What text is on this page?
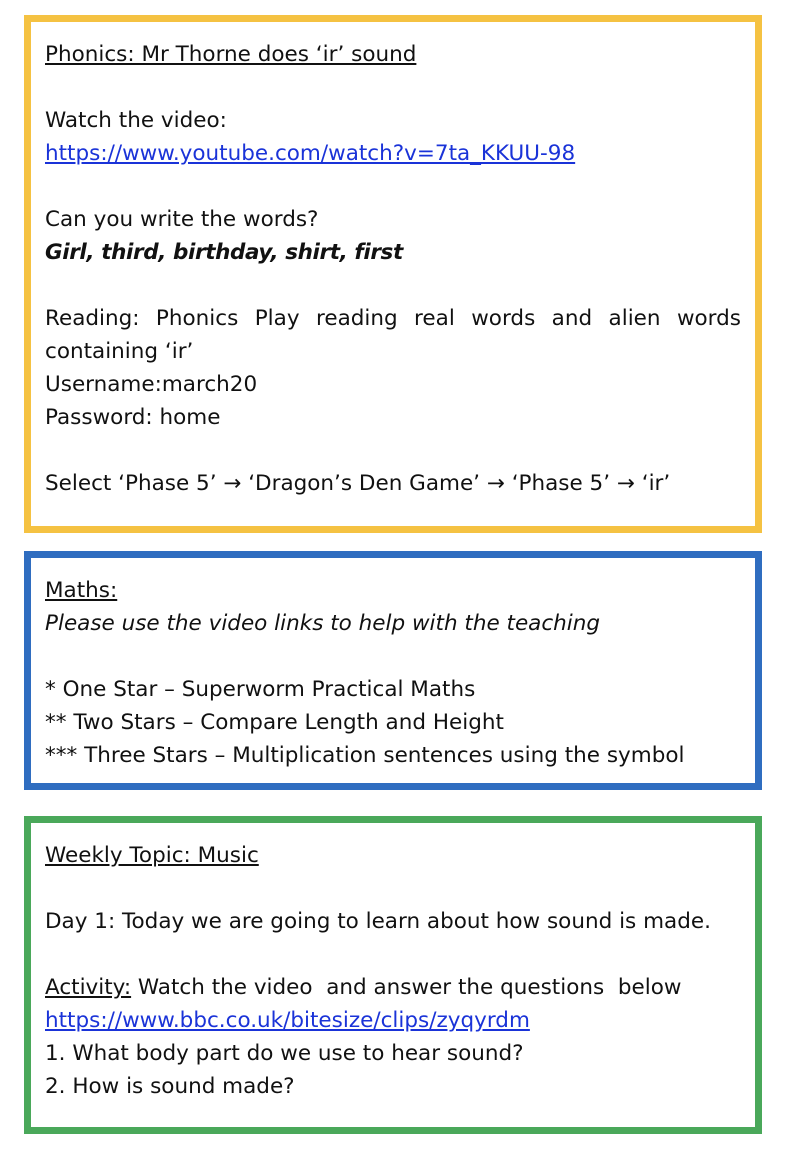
Phonics: Mr Thorne does ‘ir’ sound
Watch the video:
https://www.youtube.com/watch?v=7ta_KKUU-98
Can you write the words?
Girl, third, birthday, shirt, first
Reading: Phonics Play reading real words and alien words containing ‘ir’
Username:march20
Password: home
Select ‘Phase 5’ → ‘Dragon’s Den Game’ → ‘Phase 5’ → ‘ir’
Maths:
Please use the video links to help with the teaching
* One Star – Superworm Practical Maths
** Two Stars – Compare Length and Height
*** Three Stars – Multiplication sentences using the symbol
Weekly Topic: Music
Day 1: Today we are going to learn about how sound is made.
Activity: Watch the video  and answer the questions  below
https://www.bbc.co.uk/bitesize/clips/zyqyrdm
1. What body part do we use to hear sound?
2. How is sound made?
